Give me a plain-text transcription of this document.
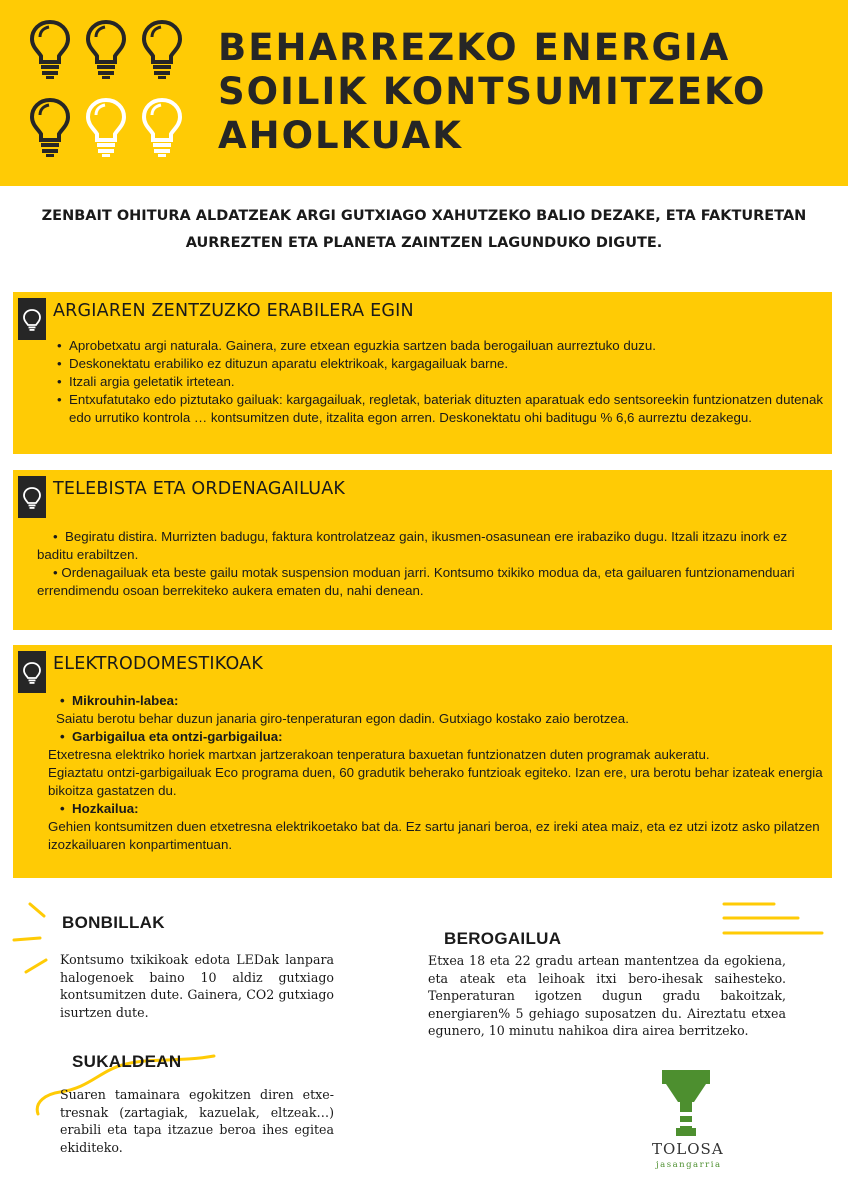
BEHARREZKO ENERGIA
SOILIK KONTSUMITZEKO
AHOLKUAK
ZENBAIT OHITURA ALDATZEAK ARGI GUTXIAGO XAHUTZEKO BALIO DEZAKE, ETA FAKTURETAN
AURREZTEN ETA PLANETA ZAINTZEN LAGUNDUKO DIGUTE.
ARGIAREN ZENTZUZKO ERABILERA EGIN
• Aprobetxatu argi naturala. Gainera, zure etxean eguzkia sartzen bada berogailuan aurreztuko duzu.
• Deskonektatu erabiliko ez dituzun aparatu elektrikoak, kargagailuak barne.
• Itzali argia geletatik irtetean.
• Entxufatutako edo piztutako gailuak: kargagailuak, regletak, bateriak dituzten aparatuak edo sentsoreekin funtzionatzen dutenak edo urrutiko kontrola … kontsumitzen dute, itzalita egon arren. Deskonektatu ohi baditugu % 6,6 aurreztu dezakegu.
TELEBISTA ETA ORDENAGAILUAK
•  Begiratu distira. Murrizten badugu, faktura kontrolatzeaz gain, ikusmen-osasunean ere irabaziko dugu. Itzali itzazu inork ez baditu erabiltzen.
• Ordenagailuak eta beste gailu motak suspension moduan jarri. Kontsumo txikiko modua da, eta gailuaren funtzionamenduari errendimendu osoan berrekiteko aukera ematen du, nahi denean.
ELEKTRODOMESTIKOAK
•  Mikrouhin-labea:
Saiatu berotu behar duzun janaria giro-tenperaturan egon dadin. Gutxiago kostako zaio berotzea.
•  Garbigailua eta ontzi-garbigailua:
Etxetresna elektriko horiek martxan jartzerakoan tenperatura baxuetan funtzionatzen duten programak aukeratu.
Egiaztatu ontzi-garbigailuak Eco programa duen, 60 gradutik beherako funtzioak egiteko. Izan ere, ura berotu behar izateak energia bikoitza gastatzen du.
•  Hozkailua:
Gehien kontsumitzen duen etxetresna elektrikoetako bat da. Ez sartu janari beroa, ez ireki atea maiz, eta ez utzi izotz asko pilatzen izozkailuaren konpartimentuan.
BONBILLAK
Kontsumo txikikoak edota LEDak lanpara halogenoek baino 10 aldiz gutxiago kontsumitzen dute. Gainera, CO2 gutxiago isurtzen dute.
SUKALDEAN
Suaren tamainara egokitzen diren etxe-tresnak (zartagiak, kazuelak, eltzeak…) erabili eta tapa itzazue beroa ihes egitea ekiditeko.
BEROGAILUA
Etxea 18 eta 22 gradu artean mantentzea da egokiena, eta ateak eta leihoak itxi bero-ihesak saihesteko. Tenperaturan igotzen dugun gradu bakoitzak, energiaren% 5 gehiago suposatzen du. Aireztatu etxea egunero, 10 minutu nahikoa dira airea berritzeko.
TOLOSA
jasangarria
